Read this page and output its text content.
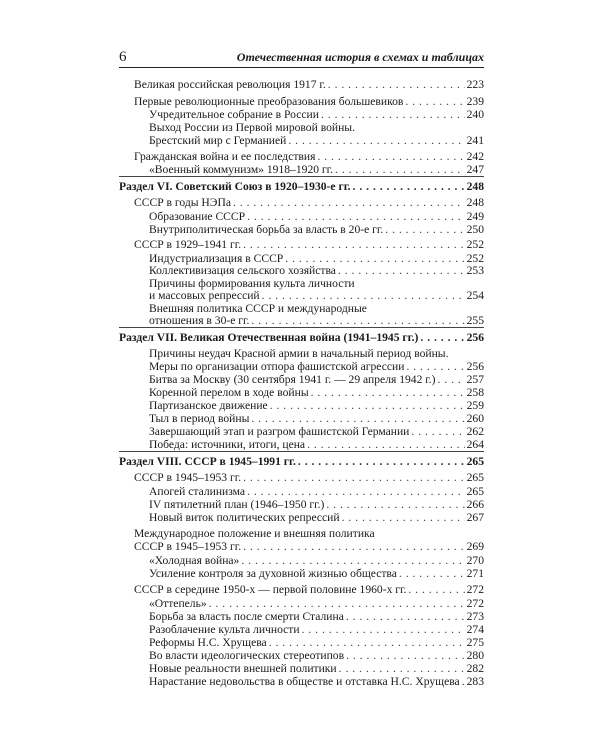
6	Отечественная история в схемах и таблицах
Великая российская революция 1917 г. . . .	223
Первые революционные преобразования большевиков . . .	239
Учредительное собрание в России . . .	240
Выход России из Первой мировой войны.
Брестский мир с Германией . . .	241
Гражданская война и ее последствия . . .	242
«Военный коммунизм» 1918–1920 гг. . . .	247
Раздел VI. Советский Союз в 1920–1930-е гг. . . .	248
СССР в годы НЭПа . . .	248
Образование СССР . . .	249
Внутриполитическая борьба за власть в 20-е гг. . . .	250
СССР в 1929–1941 гг. . . .	252
Индустриализация в СССР . . .	252
Коллективизация сельского хозяйства . . .	253
Причины формирования культа личности
и массовых репрессий . . .	254
Внешняя политика СССР и международные
отношения в 30-е гг. . . .	255
Раздел VII. Великая Отечественная война (1941–1945 гг.) . . .	256
Причины неудач Красной армии в начальный период войны.
Меры по организации отпора фашистской агрессии . . .	256
Битва за Москву (30 сентября 1941 г. — 29 апреля 1942 г.) . . .	257
Коренной перелом в ходе войны . . .	258
Партизанское движение . . .	259
Тыл в период войны . . .	260
Завершающий этап и разгром фашистской Германии . . .	262
Победа: источники, итоги, цена . . .	264
Раздел VIII. СССР в 1945–1991 гг. . . .	265
СССР в 1945–1953 гг. . . .	265
Апогей сталинизма . . .	265
IV пятилетний план (1946–1950 гг.) . . .	266
Новый виток политических репрессий . . .	267
Международное положение и внешняя политика
СССР в 1945–1953 гг. . . .	269
«Холодная война» . . .	270
Усиление контроля за духовной жизнью общества . . .	271
СССР в середине 1950-х — первой половине 1960-х гг. . . .	272
«Оттепель» . . .	272
Борьба за власть после смерти Сталина . . .	273
Разоблачение культа личности . . .	274
Реформы Н.С. Хрущева . . .	275
Во власти идеологических стереотипов . . .	280
Новые реальности внешней политики . . .	282
Нарастание недовольства в обществе и отставка Н.С. Хрущева . . . 283
